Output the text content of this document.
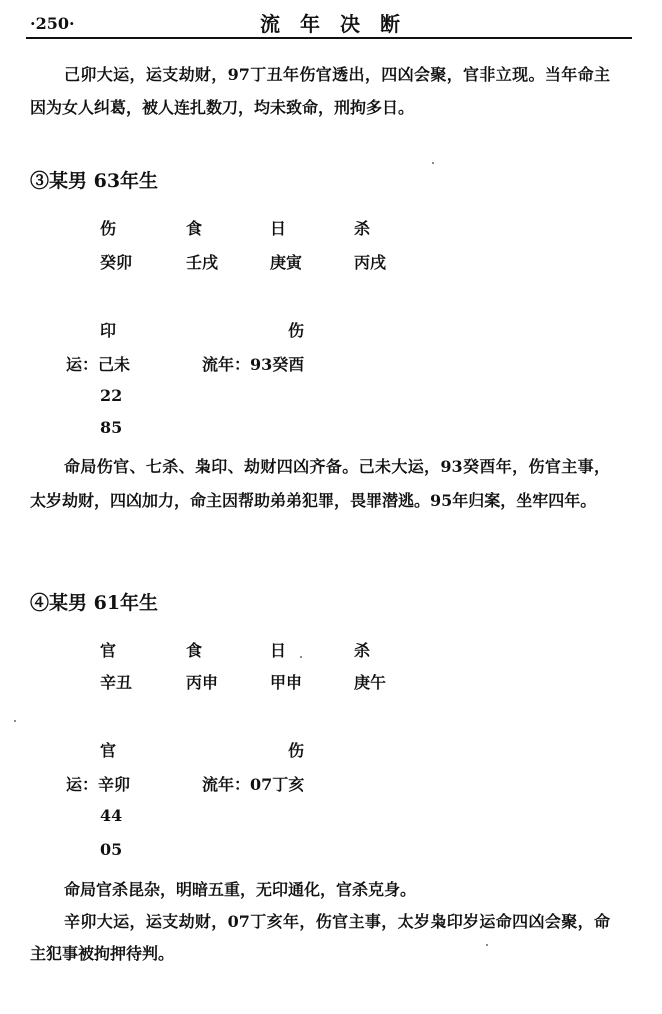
·250·	流年决断
己卯大运，运支劫财，97丁丑年伤官透出，四凶会聚，官非立现。当年命主因为女人纠葛，被人连扎数刀，均未致命，刑拘多日。
③某男 63年生
伤	食	日	杀
癸卯	壬戌	庚寅	丙戌
印	伤
运：己未	流年：93癸酉
22
85
命局伤官、七杀、枭印、劫财四凶齐备。己未大运，93癸酉年，伤官主事，太岁劫财，四凶加力，命主因帮助弟弟犯罪，畏罪潜逃。95年归案，坐牢四年。
④某男 61年生
官	食	日	杀
辛丑	丙申	甲申	庚午
官	伤
运：辛卯	流年：07丁亥
44
05
命局官杀昆杂，明暗五重，无印通化，官杀克身。
辛卯大运，运支劫财，07丁亥年，伤官主事，太岁枭印岁运命四凶会聚，命主犯事被拘押待判。
